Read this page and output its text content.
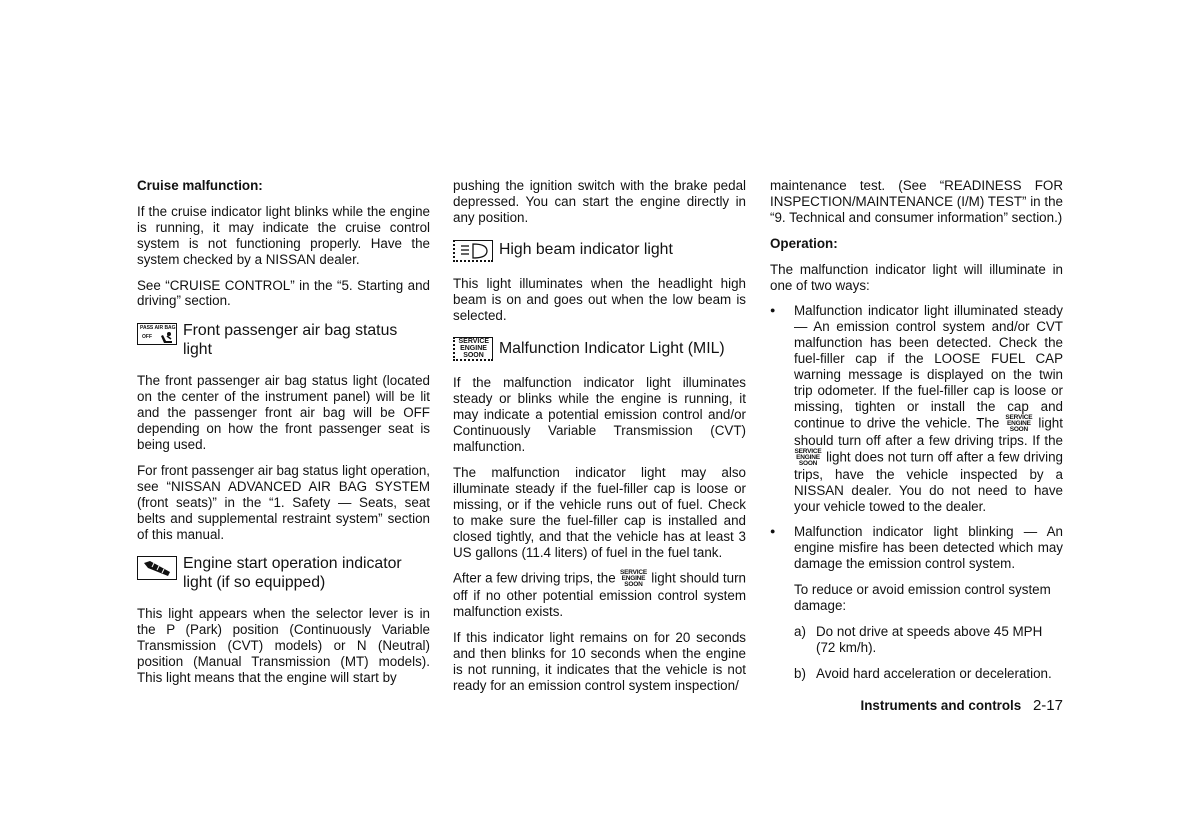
Cruise malfunction:

If the cruise indicator light blinks while the engine is running, it may indicate the cruise control system is not functioning properly. Have the system checked by a NISSAN dealer.

See “CRUISE CONTROL” in the “5. Starting and driving” section.

PASS AIR BAG
OFF Front passenger air bag status light

The front passenger air bag status light (located on the center of the instrument panel) will be lit and the passenger front air bag will be OFF depending on how the front passenger seat is being used.

For front passenger air bag status light operation, see “NISSAN ADVANCED AIR BAG SYSTEM (front seats)” in the “1. Safety — Seats, seat belts and supplemental restraint system” section of this manual.

Engine start operation indicator light (if so equipped)

This light appears when the selector lever is in the P (Park) position (Continuously Variable Transmission (CVT) models) or N (Neutral) position (Manual Transmission (MT) models). This light means that the engine will start by

pushing the ignition switch with the brake pedal depressed. You can start the engine directly in any position.

High beam indicator light

This light illuminates when the headlight high beam is on and goes out when the low beam is selected.

SERVICE ENGINE SOON Malfunction Indicator Light (MIL)

If the malfunction indicator light illuminates steady or blinks while the engine is running, it may indicate a potential emission control and/or Continuously Variable Transmission (CVT) malfunction.

The malfunction indicator light may also illuminate steady if the fuel-filler cap is loose or missing, or if the vehicle runs out of fuel. Check to make sure the fuel-filler cap is installed and closed tightly, and that the vehicle has at least 3 US gallons (11.4 liters) of fuel in the fuel tank.

After a few driving trips, the SERVICE ENGINE SOON light should turn off if no other potential emission control system malfunction exists.

If this indicator light remains on for 20 seconds and then blinks for 10 seconds when the engine is not running, it indicates that the vehicle is not ready for an emission control system inspection/

maintenance test. (See “READINESS FOR INSPECTION/MAINTENANCE (I/M) TEST” in the “9. Technical and consumer information” section.)

Operation:

The malfunction indicator light will illuminate in one of two ways:

●	Malfunction indicator light illuminated steady — An emission control system and/or CVT malfunction has been detected. Check the fuel-filler cap if the LOOSE FUEL CAP warning message is displayed on the twin trip odometer. If the fuel-filler cap is loose or missing, tighten or install the cap and continue to drive the vehicle. The SERVICE ENGINE SOON light should turn off after a few driving trips. If the SERVICE ENGINE SOON light does not turn off after a few driving trips, have the vehicle inspected by a NISSAN dealer. You do not need to have your vehicle towed to the dealer.
●	Malfunction indicator light blinking — An engine misfire has been detected which may damage the emission control system.

To reduce or avoid emission control system damage:

a) Do not drive at speeds above 45 MPH (72 km/h).
b) Avoid hard acceleration or deceleration.
Instruments and controls 2-17
